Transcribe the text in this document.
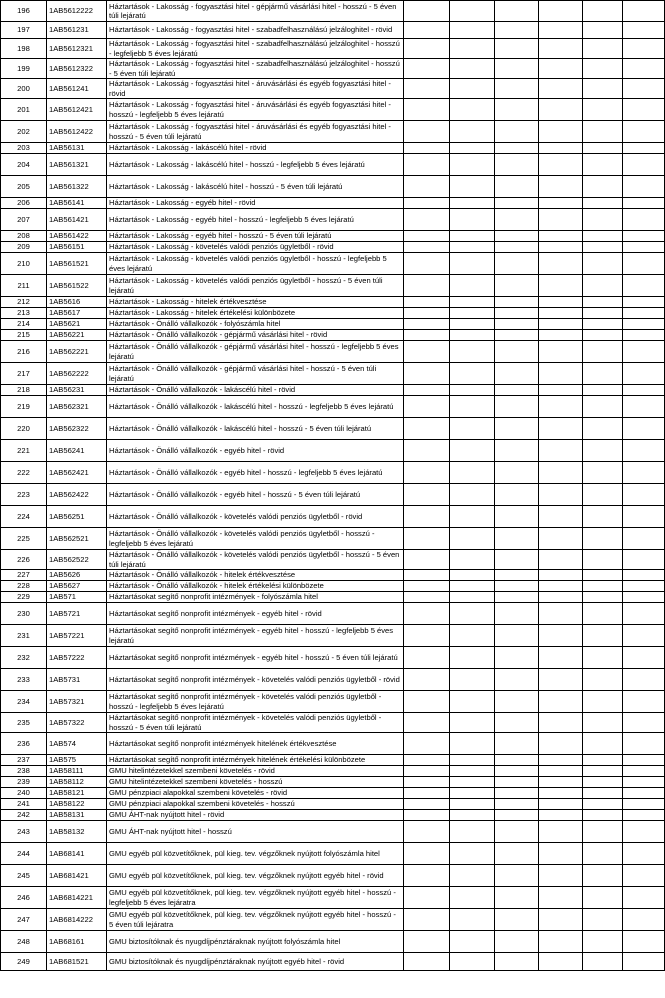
196	1AB5612222	Háztartások - Lakosság - fogyasztási hitel - gépjármű vásárlási hitel - hosszú - 5 éven túli lejáratú						
197	1AB561231	Háztartások - Lakosság - fogyasztási hitel - szabadfelhasználású jelzáloghitel - rövid						
198	1AB5612321	Háztartások - Lakosság - fogyasztási hitel - szabadfelhasználású jelzáloghitel - hosszú - legfeljebb 5 éves lejáratú						
199	1AB5612322	Háztartások - Lakosság - fogyasztási hitel - szabadfelhasználású jelzáloghitel - hosszú - 5 éven túli lejáratú						
200	1AB561241	Háztartások - Lakosság - fogyasztási hitel - áruvásárlási és egyéb fogyasztási hitel - rövid						
201	1AB5612421	Háztartások - Lakosság - fogyasztási hitel - áruvásárlási és egyéb fogyasztási hitel - hosszú - legfeljebb 5 éves lejáratú						
202	1AB5612422	Háztartások - Lakosság - fogyasztási hitel - áruvásárlási és egyéb fogyasztási hitel - hosszú - 5 éven túli lejáratú						
203	1AB56131	Háztartások - Lakosság - lakáscélú hitel - rövid						
204	1AB561321	Háztartások - Lakosság - lakáscélú hitel - hosszú - legfeljebb 5 éves lejáratú						
205	1AB561322	Háztartások - Lakosság - lakáscélú hitel - hosszú - 5 éven túli lejáratú						
206	1AB56141	Háztartások - Lakosság - egyéb hitel - rövid						
207	1AB561421	Háztartások - Lakosság - egyéb hitel - hosszú - legfeljebb 5 éves lejáratú						
208	1AB561422	Háztartások - Lakosság - egyéb hitel - hosszú - 5 éven túli lejáratú						
209	1AB56151	Háztartások - Lakosság - követelés valódi penziós ügyletből - rövid						
210	1AB561521	Háztartások - Lakosság - követelés valódi penziós ügyletből - hosszú - legfeljebb 5 éves lejáratú						
211	1AB561522	Háztartások - Lakosság - követelés valódi penziós ügyletből - hosszú - 5 éven túli lejáratú						
212	1AB5616	Háztartások - Lakosság - hitelek értékvesztése						
213	1AB5617	Háztartások - Lakosság - hitelek értékelési különbözete						
214	1AB5621	Háztartások - Önálló vállalkozók - folyószámla hitel						
215	1AB56221	Háztartások - Önálló vállalkozók - gépjármű vásárlási hitel - rövid						
216	1AB562221	Háztartások - Önálló vállalkozók - gépjármű vásárlási hitel - hosszú - legfeljebb 5 éves lejáratú						
217	1AB562222	Háztartások - Önálló vállalkozók - gépjármű vásárlási hitel - hosszú - 5 éven túli lejáratú						
218	1AB56231	Háztartások - Önálló vállalkozók - lakáscélú hitel - rövid						
219	1AB562321	Háztartások - Önálló vállalkozók - lakáscélú hitel - hosszú - legfeljebb 5 éves lejáratú						
220	1AB562322	Háztartások - Önálló vállalkozók - lakáscélú hitel - hosszú - 5 éven túli lejáratú						
221	1AB56241	Háztartások - Önálló vállalkozók - egyéb hitel - rövid						
222	1AB562421	Háztartások - Önálló vállalkozók - egyéb hitel - hosszú - legfeljebb 5 éves lejáratú						
223	1AB562422	Háztartások - Önálló vállalkozók - egyéb hitel - hosszú - 5 éven túli lejáratú						
224	1AB56251	Háztartások - Önálló vállalkozók - követelés valódi penziós ügyletből - rövid						
225	1AB562521	Háztartások - Önálló vállalkozók - követelés valódi penziós ügyletből - hosszú - legfeljebb 5 éves lejáratú						
226	1AB562522	Háztartások - Önálló vállalkozók - követelés valódi penziós ügyletből - hosszú - 5 éven túli lejáratú						
227	1AB5626	Háztartások - Önálló vállalkozók - hitelek értékvesztése						
228	1AB5627	Háztartások - Önálló vállalkozók - hitelek értékelési különbözete						
229	1AB571	Háztartásokat segítő nonprofit intézmények - folyószámla hitel						
230	1AB5721	Háztartásokat segítő nonprofit intézmények - egyéb hitel - rövid						
231	1AB57221	Háztartásokat segítő nonprofit intézmények - egyéb hitel - hosszú - legfeljebb 5 éves lejáratú						
232	1AB57222	Háztartásokat segítő nonprofit intézmények - egyéb hitel - hosszú - 5 éven túli lejáratú						
233	1AB5731	Háztartásokat segítő nonprofit intézmények - követelés valódi penziós ügyletből - rövid						
234	1AB57321	Háztartásokat segítő nonprofit intézmények - követelés valódi penziós ügyletből - hosszú - legfeljebb 5 éves lejáratú						
235	1AB57322	Háztartásokat segítő nonprofit intézmények - követelés valódi penziós ügyletből - hosszú - 5 éven túli lejáratú						
236	1AB574	Háztartásokat segítő nonprofit intézmények hitelének értékvesztése						
237	1AB575	Háztartásokat segítő nonprofit intézmények hitelének értékelési különbözete						
238	1AB58111	GMU hitelintézetekkel szembeni követelés - rövid						
239	1AB58112	GMU hitelintézetekkel szembeni követelés - hosszú						
240	1AB58121	GMU pénzpiaci alapokkal szembeni követelés - rövid						
241	1AB58122	GMU pénzpiaci alapokkal szembeni követelés - hosszú						
242	1AB58131	GMU ÁHT-nak nyújtott hitel - rövid						
243	1AB58132	GMU ÁHT-nak nyújtott hitel - hosszú						
244	1AB68141	GMU egyéb pül közvetítőknek, pül kieg. tev. végzőknek nyújtott folyószámla hitel						
245	1AB681421	GMU egyéb pül közvetítőknek, pül kieg. tev. végzőknek nyújtott egyéb hitel - rövid						
246	1AB6814221	GMU egyéb pül közvetítőknek, pül kieg. tev. végzőknek nyújtott egyéb hitel - hosszú - legfeljebb 5 éves lejáratra						
247	1AB6814222	GMU egyéb pül közvetítőknek, pül kieg. tev. végzőknek nyújtott egyéb hitel - hosszú - 5 éven túli lejáratra						
248	1AB68161	GMU biztosítóknak és nyugdíjpénztáraknak nyújtott folyószámla hitel						
249	1AB681521	GMU biztosítóknak és nyugdíjpénztáraknak nyújtott egyéb hitel - rövid						
